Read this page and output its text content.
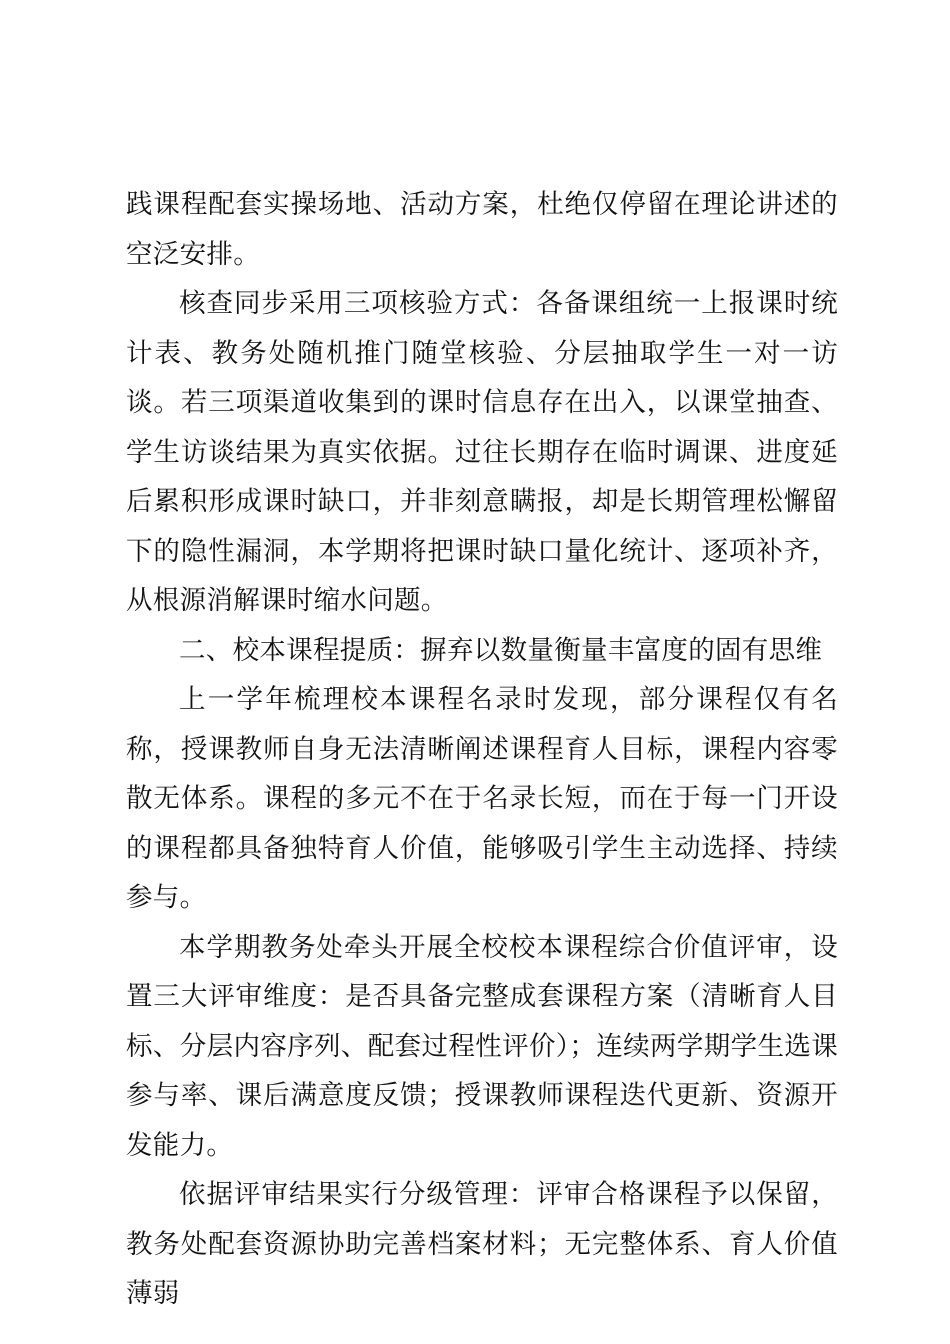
践课程配套实操场地、活动方案，杜绝仅停留在理论讲述的空泛安排。

核查同步采用三项核验方式：各备课组统一上报课时统计表、教务处随机推门随堂核验、分层抽取学生一对一访谈。若三项渠道收集到的课时信息存在出入，以课堂抽查、学生访谈结果为真实依据。过往长期存在临时调课、进度延后累积形成课时缺口，并非刻意瞒报，却是长期管理松懈留下的隐性漏洞，本学期将把课时缺口量化统计、逐项补齐，从根源消解课时缩水问题。

二、校本课程提质：摒弃以数量衡量丰富度的固有思维

上一学年梳理校本课程名录时发现，部分课程仅有名称，授课教师自身无法清晰阐述课程育人目标，课程内容零散无体系。课程的多元不在于名录长短，而在于每一门开设的课程都具备独特育人价值，能够吸引学生主动选择、持续参与。

本学期教务处牵头开展全校校本课程综合价值评审，设置三大评审维度：是否具备完整成套课程方案（清晰育人目标、分层内容序列、配套过程性评价）；连续两学期学生选课参与率、课后满意度反馈；授课教师课程迭代更新、资源开发能力。

依据评审结果实行分级管理：评审合格课程予以保留，教务处配套资源协助完善档案材料；无完整体系、育人价值薄弱
